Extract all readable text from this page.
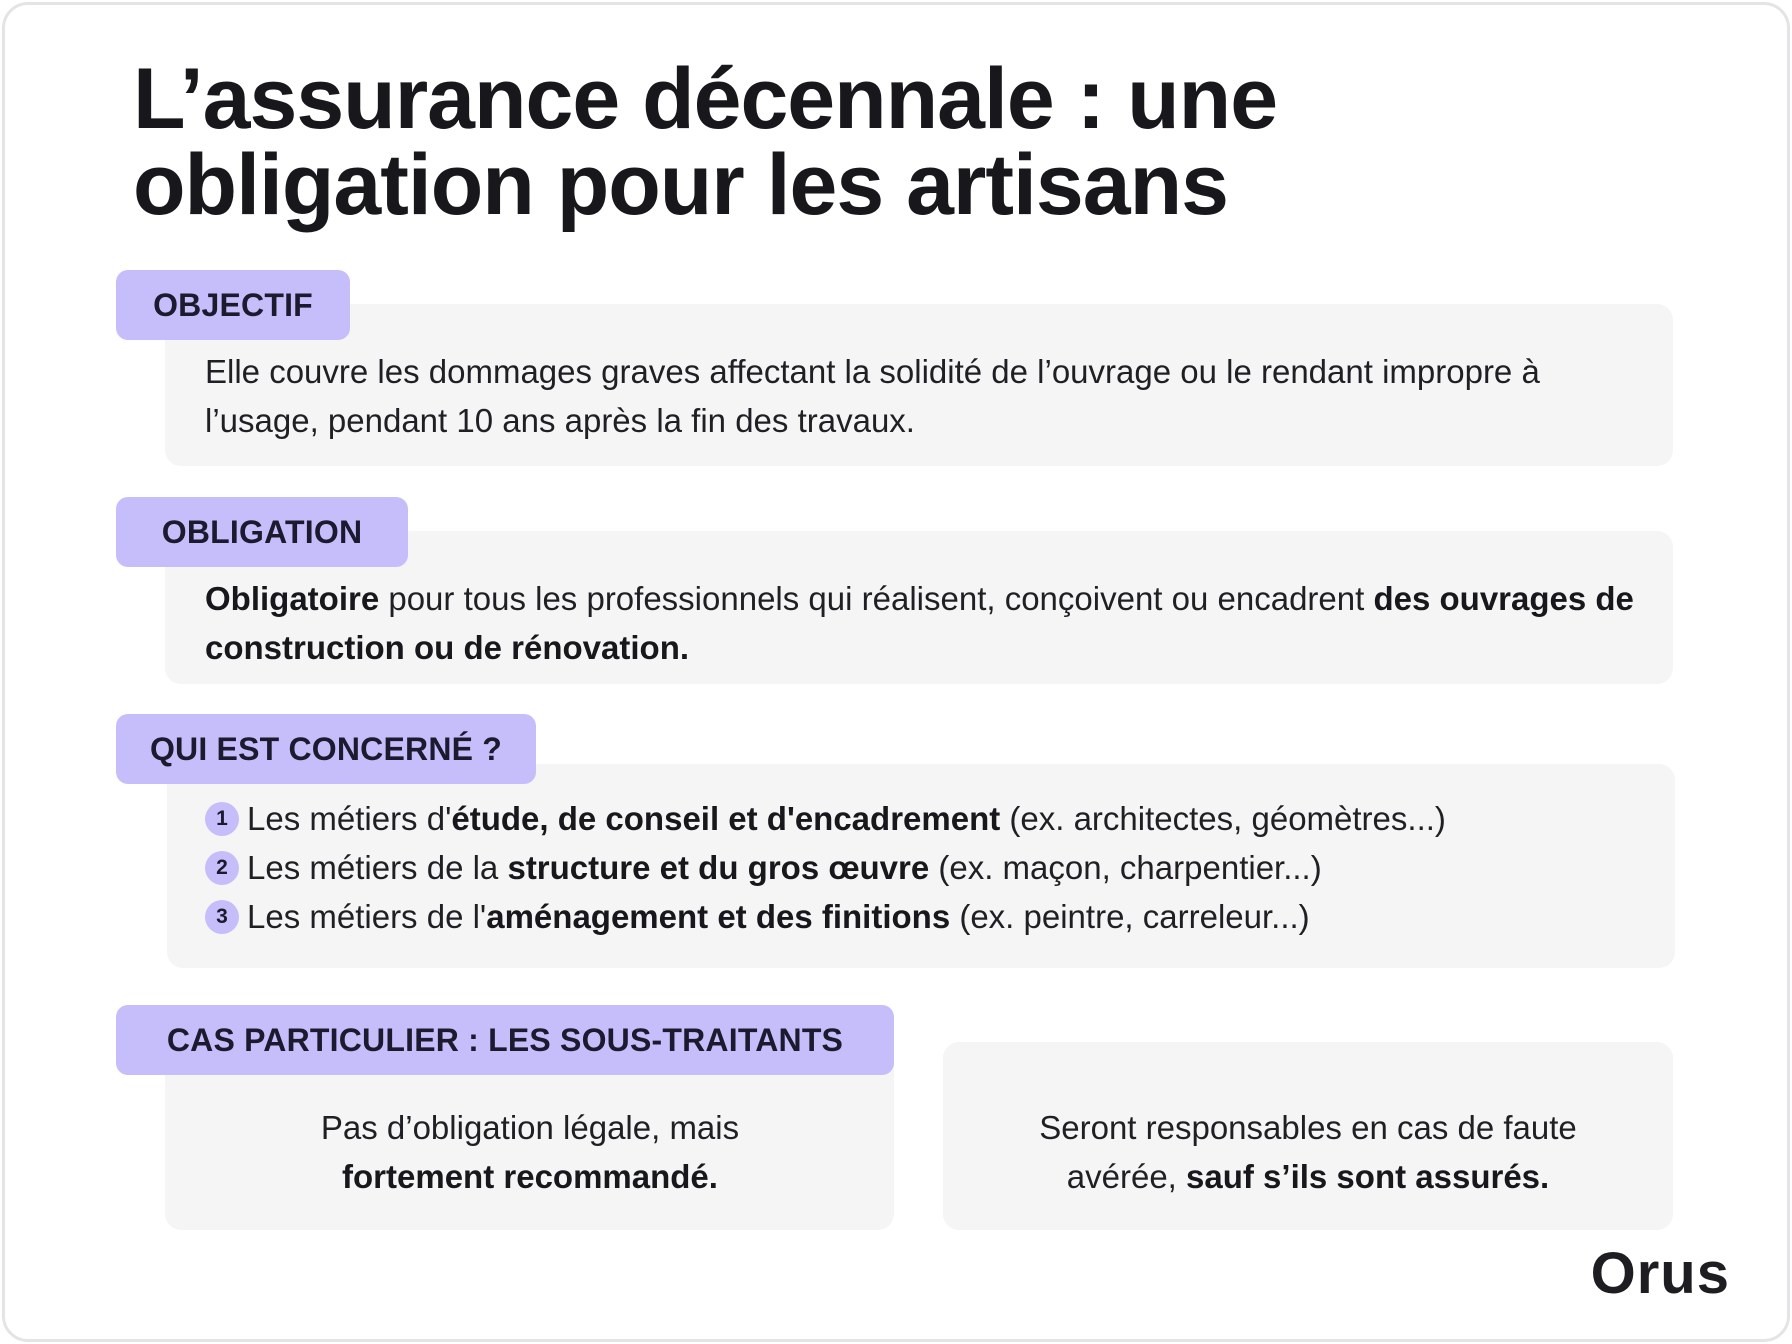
L’assurance décennale : une
obligation pour les artisans
OBJECTIF
Elle couvre les dommages graves affectant la solidité de l’ouvrage ou le rendant impropre à l’usage, pendant 10 ans après la fin des travaux.
OBLIGATION
Obligatoire pour tous les professionnels qui réalisent, conçoivent ou encadrent des ouvrages de construction ou de rénovation.
QUI EST CONCERNÉ ?
1 Les métiers d'étude, de conseil et d'encadrement (ex. architectes, géomètres...)
2 Les métiers de la structure et du gros œuvre (ex. maçon, charpentier...)
3 Les métiers de l'aménagement et des finitions (ex. peintre, carreleur...)
CAS PARTICULIER : LES SOUS-TRAITANTS
Pas d’obligation légale, mais
fortement recommandé.
Seront responsables en cas de faute avérée, sauf s’ils sont assurés.
Orus
